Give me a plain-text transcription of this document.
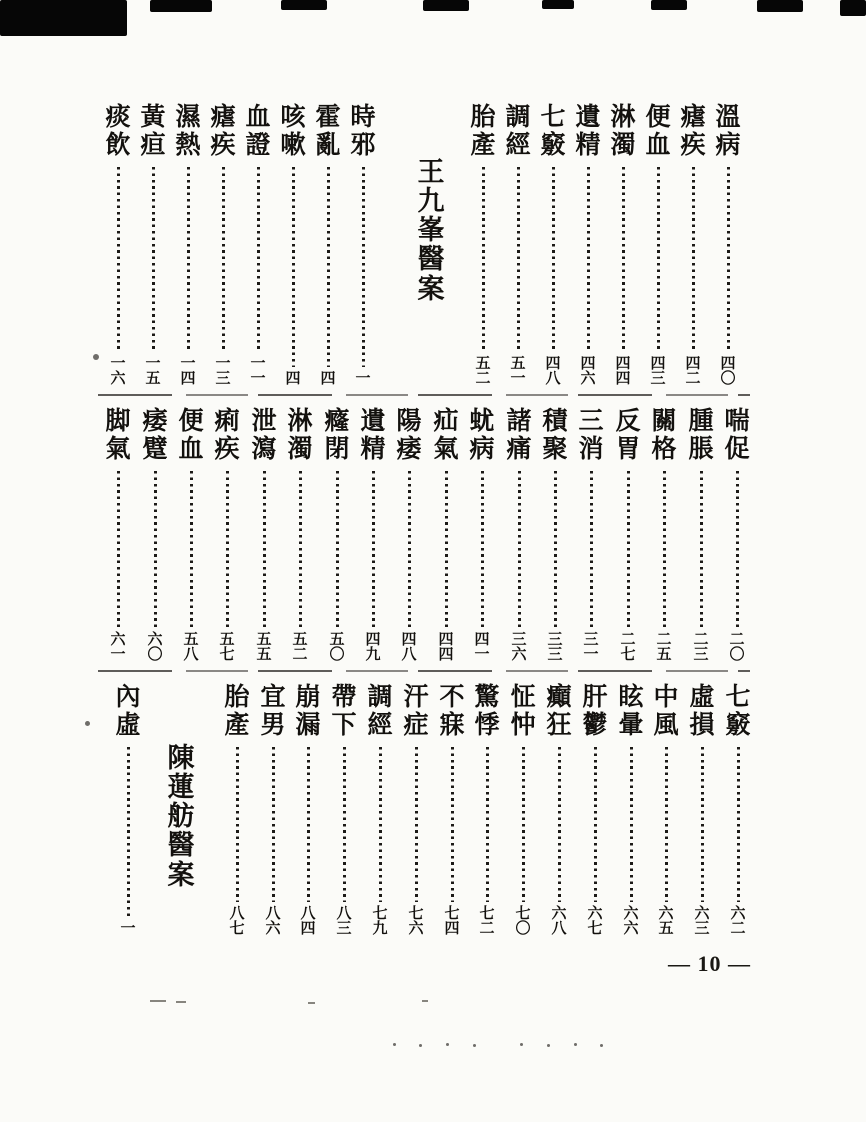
溫病
四〇
瘧疾
四二
便血
四三
淋濁
四四
遺精
四六
七竅
四八
調經
五一
胎產
五二
王九峯醫案
時邪
一
霍亂
四
咳嗽
四
血證
一一
瘧疾
一三
濕熱
一四
黃疸
一五
痰飲
一六
喘促
二〇
腫脹
二三
關格
二五
反胃
二七
三消
三一
積聚
三三
諸痛
三六
蚘病
四一
疝氣
四四
陽痿
四八
遺精
四九
癃閉
五〇
淋濁
五二
泄瀉
五五
痢疾
五七
便血
五八
痿躄
六〇
脚氣
六一
七竅
六二
虛損
六三
中風
六五
眩暈
六六
肝鬱
六七
癲狂
六八
怔忡
七〇
驚悸
七二
不寐
七四
汗症
七六
調經
七九
帶下
八三
崩漏
八四
宜男
八六
胎產
八七
陳蓮舫醫案
內虛
一
— 10 —
